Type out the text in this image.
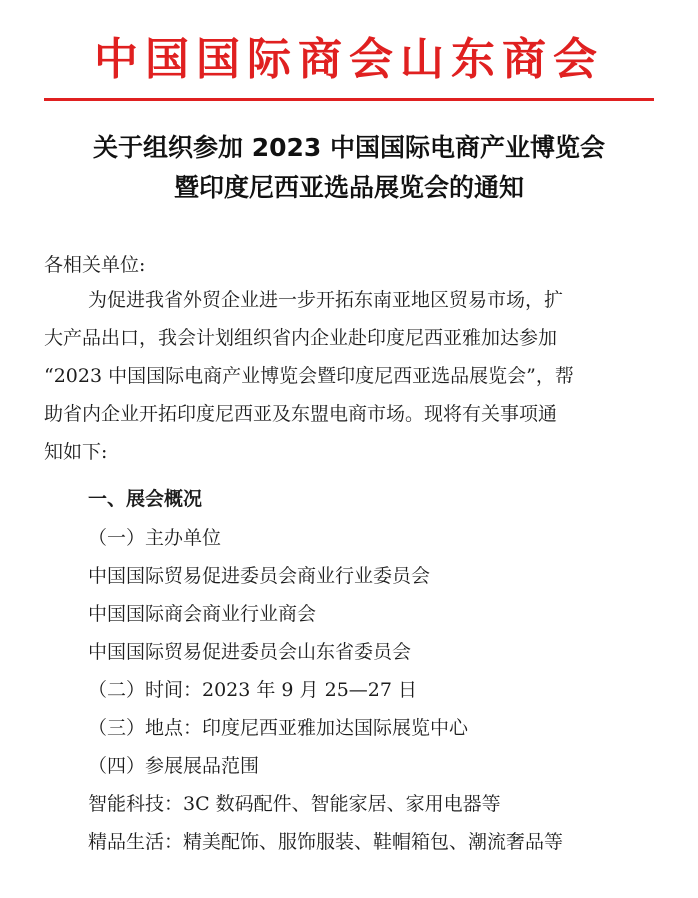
中国国际商会山东商会
关于组织参加 2023 中国国际电商产业博览会
暨印度尼西亚选品展览会的通知
各相关单位:
为促进我省外贸企业进一步开拓东南亚地区贸易市场，扩
大产品出口，我会计划组织省内企业赴印度尼西亚雅加达参加
“2023 中国国际电商产业博览会暨印度尼西亚选品展览会”，帮
助省内企业开拓印度尼西亚及东盟电商市场。现将有关事项通
知如下:
一、展会概况
（一）主办单位
中国国际贸易促进委员会商业行业委员会
中国国际商会商业行业商会
中国国际贸易促进委员会山东省委员会
（二）时间：2023 年 9 月 25—27 日
（三）地点：印度尼西亚雅加达国际展览中心
（四）参展展品范围
智能科技：3C 数码配件、智能家居、家用电器等
精品生活：精美配饰、服饰服装、鞋帽箱包、潮流奢品等
